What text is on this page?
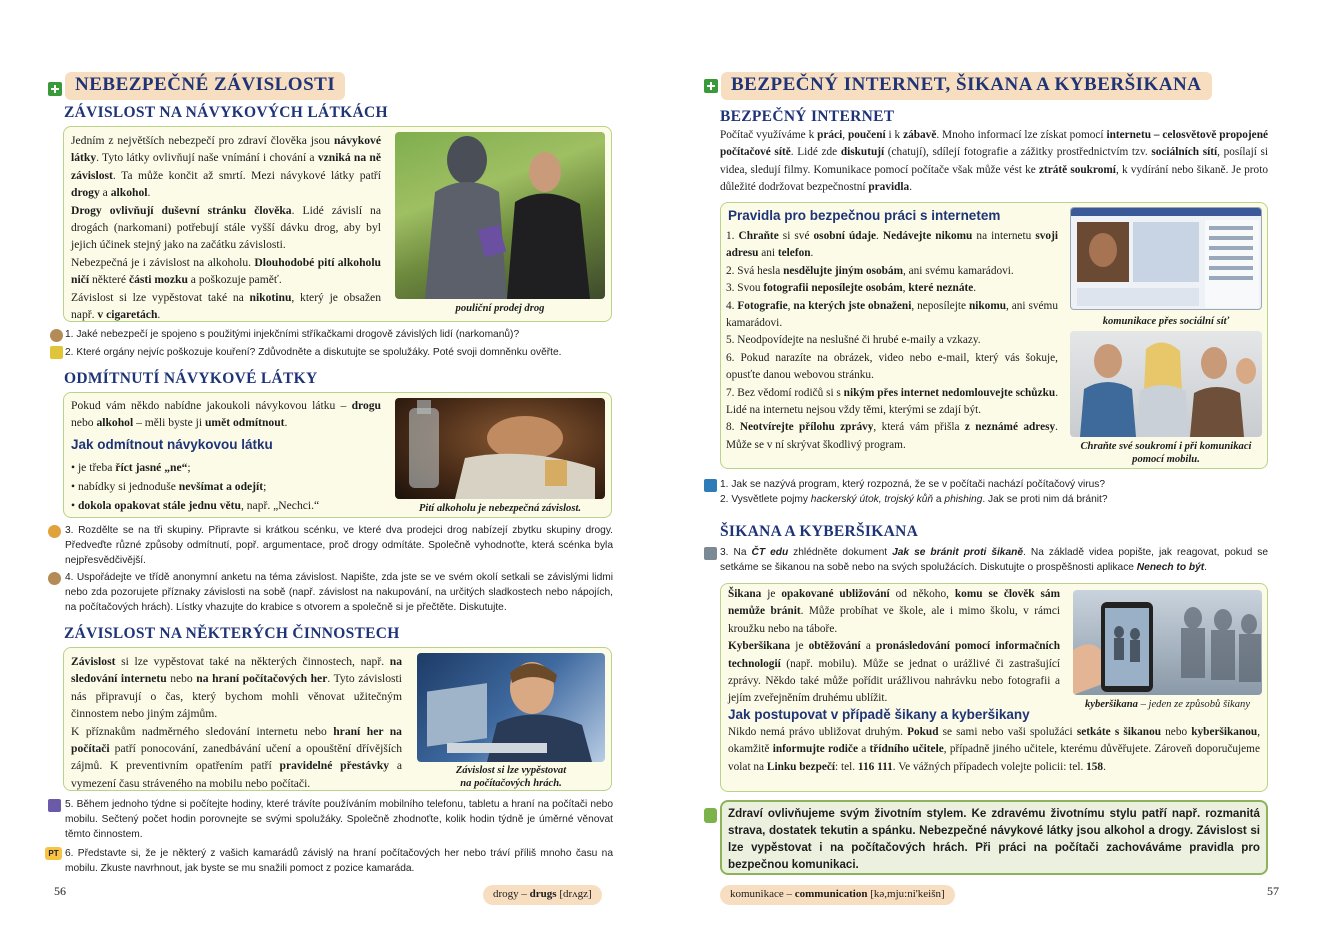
NEBEZPEČNÉ ZÁVISLOSTI
ZÁVISLOST NA NÁVYKOVÝCH LÁTKÁCH

Jedním z největších nebezpečí pro zdraví člověka jsou návykové látky. Tyto látky ovlivňují naše vnímání i chování a vzniká na ně závislost. Ta může končit až smrtí. Mezi návykové látky patří drogy a alkohol.

Drogy ovlivňují duševní stránku člověka. Lidé závislí na drogách (narkomani) potřebují stále vyšší dávku drog, aby byl jejich účinek stejný jako na začátku závislosti.

Nebezpečná je i závislost na alkoholu. Dlouhodobé pití alkoholu ničí některé části mozku a poškozuje paměť.

Závislost si lze vypěstovat také na nikotinu, který je obsažen např. v cigaretách.	pouliční prodej drog
1. Jaké nebezpečí je spojeno s použitými injekčními stříkačkami drogově závislých lidí (narkomanů)?
2. Které orgány nejvíc poškozuje kouření? Zdůvodněte a diskutujte se spolužáky. Poté svoji domněnku ověřte.
ODMÍTNUTÍ NÁVYKOVÉ LÁTKY

Pokud vám někdo nabídne jakoukoli návykovou látku – drogu nebo alkohol – měli byste ji umět odmítnout.

Jak odmítnout návykovou látku
• je třeba říct jasné „ne“;
• nabídky si jednoduše nevšímat a odejít;
• dokola opakovat stále jednu větu, např. „Nechci.“	Pití alkoholu je nebezpečná závislost.
3. Rozdělte se na tři skupiny. Připravte si krátkou scénku, ve které dva prodejci drog nabízejí zbytku skupiny drogy. Předveďte různé způsoby odmítnutí, popř. argumentace, proč drogy odmítáte. Společně vyhodnoťte, která scénka byla nejpřesvědčivější.
4. Uspořádejte ve třídě anonymní anketu na téma závislost. Napište, zda jste se ve svém okolí setkali se závislými lidmi nebo zda pozorujete příznaky závislosti na sobě (např. závislost na nakupování, na určitých sladkostech nebo nápojích, na počítačových hrách). Lístky vhazujte do krabice s otvorem a společně si je přečtěte. Diskutujte.
ZÁVISLOST NA NĚKTERÝCH ČINNOSTECH

Závislost si lze vypěstovat také na některých činnostech, např. na sledování internetu nebo na hraní počítačových her. Tyto závislosti nás připravují o čas, který bychom mohli věnovat užitečným činnostem nebo jiným zájmům.

K příznakům nadměrného sledování internetu nebo hraní her na počítači patří ponocování, zanedbávání učení a opouštění dřívějších zájmů. K preventivním opatřením patří pravidelné přestávky a vymezení času stráveného na mobilu nebo počítači.

Závislost si lze vypěstovat
na počítačových hrách.
5. Během jednoho týdne si počítejte hodiny, které trávíte používáním mobilního telefonu, tabletu a hraní na počítači nebo mobilu. Sečtený počet hodin porovnejte se svými spolužáky. Společně zhodnoťte, kolik hodin týdně je úměrné věnovat těmto činnostem.
PT 6. Představte si, že je některý z vašich kamarádů závislý na hraní počítačových her nebo tráví příliš mnoho času na mobilu. Zkuste navrhnout, jak byste se mu snažili pomoct z pozice kamaráda.
56	drogy – drugs [drʌgz]
BEZPEČNÝ INTERNET, ŠIKANA A KYBERŠIKANA
BEZPEČNÝ INTERNET

Počítač využíváme k práci, poučení i k zábavě. Mnoho informací lze získat pomocí internetu – celosvětově propojené počítačové sítě. Lidé zde diskutují (chatují), sdílejí fotografie a zážitky prostřednictvím tzv. sociálních sítí, posílají si videa, sledují filmy. Komunikace pomocí počítače však může vést ke ztrátě soukromí, k vydírání nebo šikaně. Je proto důležité dodržovat bezpečnostní pravidla.

Pravidla pro bezpečnou práci s internetem

1. Chraňte si své osobní údaje. Nedávejte nikomu na internetu svoji adresu ani telefon.

2. Svá hesla nesdělujte jiným osobám, ani svému kamarádovi.

3. Svou fotografii neposílejte osobám, které neznáte.

4. Fotografie, na kterých jste obnaženi, neposílejte nikomu, ani svému kamarádovi.

5. Neodpovídejte na neslušné či hrubé e-maily a vzkazy.

6. Pokud narazíte na obrázek, video nebo e-mail, který vás šokuje, opusťte danou webovou stránku.

7. Bez vědomí rodičů si s nikým přes internet nedomlouvejte schůzku. Lidé na internetu nejsou vždy těmi, kterými se zdají být.

8. Neotvírejte přílohu zprávy, která vám přišla z neznámé adresy. Může se v ní skrývat škodlivý program.

komunikace přes sociální síť
Chraňte své soukromí i při komunikaci
pomocí mobilu.
1. Jak se nazývá program, který rozpozná, že se v počítači nachází počítačový virus?
2. Vysvětlete pojmy hackerský útok, trojský kůň a phishing. Jak se proti nim dá bránit?
ŠIKANA A KYBERŠIKANA
3. Na ČT edu zhlédněte dokument Jak se bránit proti šikaně. Na základě videa popište, jak reagovat, pokud se setkáme se šikanou na sobě nebo na svých spolužácích. Diskutujte o prospěšnosti aplikace Nenech to být.

Šikana je opakované ubližování od někoho, komu se člověk sám nemůže bránit. Může probíhat ve škole, ale i mimo školu, v rámci kroužku nebo na táboře.

Kyberšikana je obtěžování a pronásledování pomocí informačních technologií (např. mobilu). Může se jednat o urážlivé či zastrašující zprávy. Někdo také může pořídit urážlivou nahrávku nebo fotografii a jejím zveřejněním druhému ublížit.

Jak postupovat v případě šikany a kyberšikany

Nikdo nemá právo ubližovat druhým. Pokud se sami nebo vaši spolužáci setkáte s šikanou nebo kyberšikanou, okamžitě informujte rodiče a třídního učitele, případně jiného učitele, kterému důvěřujete. Zároveň doporučujeme volat na Linku bezpečí: tel. 116 111. Ve vážných případech volejte policii: tel. 158.

kyberšikana – jeden ze způsobů šikany
Zdraví ovlivňujeme svým životním stylem. Ke zdravému životnímu stylu patří např. rozmanitá strava, dostatek tekutin a spánku. Nebezpečné návykové látky jsou alkohol a drogy. Závislost si lze vypěstovat i na počítačových hrách. Při práci na počítači zachováváme pravidla pro bezpečnou komunikaci.
komunikace – communication [kə,mju:ni'keišn]	57
